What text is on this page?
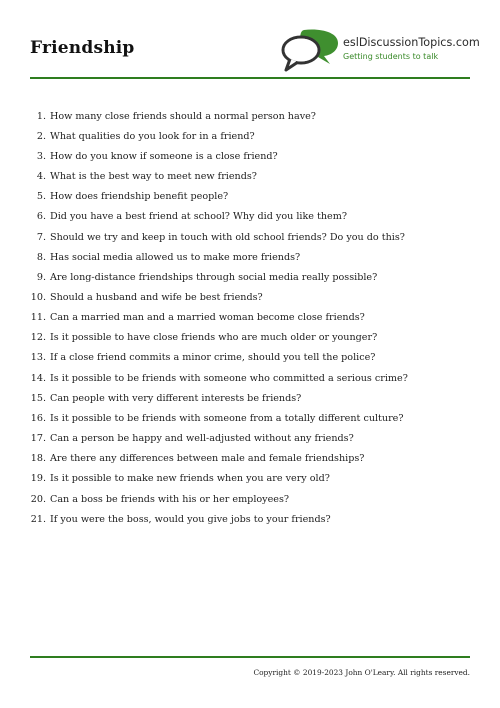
Friendship	eslDiscussionTopics.com
Getting students to talk
1. How many close friends should a normal person have?
2. What qualities do you look for in a friend?
3. How do you know if someone is a close friend?
4. What is the best way to meet new friends?
5. How does friendship benefit people?
6. Did you have a best friend at school? Why did you like them?
7. Should we try and keep in touch with old school friends? Do you do this?
8. Has social media allowed us to make more friends?
9. Are long-distance friendships through social media really possible?
10. Should a husband and wife be best friends?
11. Can a married man and a married woman become close friends?
12. Is it possible to have close friends who are much older or younger?
13. If a close friend commits a minor crime, should you tell the police?
14. Is it possible to be friends with someone who committed a serious crime?
15. Can people with very different interests be friends?
16. Is it possible to be friends with someone from a totally different culture?
17. Can a person be happy and well-adjusted without any friends?
18. Are there any differences between male and female friendships?
19. Is it possible to make new friends when you are very old?
20. Can a boss be friends with his or her employees?
21. If you were the boss, would you give jobs to your friends?
Copyright © 2019-2023 John O'Leary. All rights reserved.
